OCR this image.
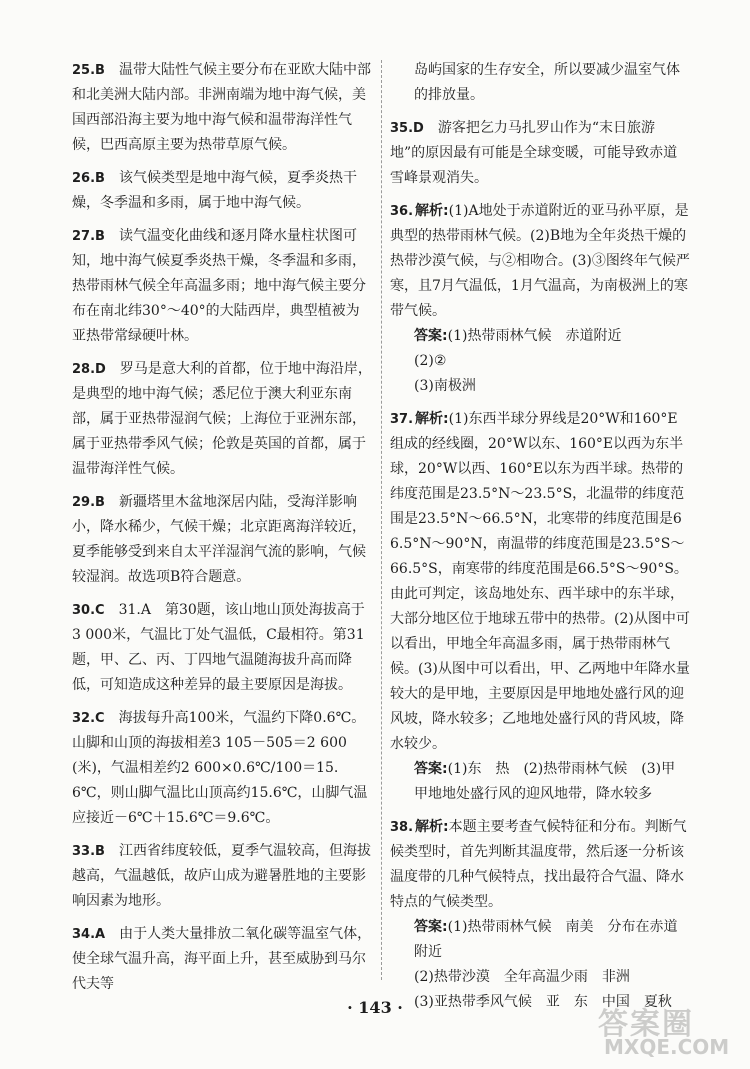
25.B 温带大陆性气候主要分布在亚欧大陆中部和北美洲大陆内部。非洲南端为地中海气候，美国西部沿海主要为地中海气候和温带海洋性气候，巴西高原主要为热带草原气候。
26.B 该气候类型是地中海气候，夏季炎热干燥，冬季温和多雨，属于地中海气候。
27.B 读气温变化曲线和逐月降水量柱状图可知，地中海气候夏季炎热干燥，冬季温和多雨，热带雨林气候全年高温多雨；地中海气候主要分布在南北纬30°～40°的大陆西岸，典型植被为亚热带常绿硬叶林。
28.D 罗马是意大利的首都，位于地中海沿岸，是典型的地中海气候；悉尼位于澳大利亚东南部，属于亚热带湿润气候；上海位于亚洲东部，属于亚热带季风气候；伦敦是英国的首都，属于温带海洋性气候。
29.B 新疆塔里木盆地深居内陆，受海洋影响小，降水稀少，气候干燥；北京距离海洋较近，夏季能够受到来自太平洋湿润气流的影响，气候较湿润。故选项B符合题意。
30.C 31.A　第30题，该山地山顶处海拔高于3 000米，气温比丁处气温低，C最相符。第31题，甲、乙、丙、丁四地气温随海拔升高而降低，可知造成这种差异的最主要原因是海拔。
32.C 海拔每升高100米，气温约下降0.6℃。山脚和山顶的海拔相差3 105－505＝2 600(米)，气温相差约2 600×0.6℃/100＝15.6℃，则山脚气温比山顶高约15.6℃，山脚气温应接近－6℃＋15.6℃＝9.6℃。
33.B 江西省纬度较低，夏季气温较高，但海拔越高，气温越低，故庐山成为避暑胜地的主要影响因素为地形。
34.A 由于人类大量排放二氧化碳等温室气体，使全球气温升高，海平面上升，甚至威胁到马尔代夫等
岛屿国家的生存安全，所以要减少温室气体的排放量。
35.D 游客把乞力马扎罗山作为“末日旅游地”的原因最有可能是全球变暖，可能导致赤道雪峰景观消失。
36. 解析:(1)A地处于赤道附近的亚马孙平原，是典型的热带雨林气候。(2)B地为全年炎热干燥的热带沙漠气候，与②相吻合。(3)③图终年气候严寒，且7月气温低，1月气温高，为南极洲上的寒带气候。
答案:(1)热带雨林气候　赤道附近
(2)②
(3)南极洲
37. 解析:(1)东西半球分界线是20°W和160°E组成的经线圈，20°W以东、160°E以西为东半球，20°W以西、160°E以东为西半球。热带的纬度范围是23.5°N～23.5°S，北温带的纬度范围是23.5°N～66.5°N，北寒带的纬度范围是66.5°N～90°N，南温带的纬度范围是23.5°S～66.5°S，南寒带的纬度范围是66.5°S～90°S。由此可判定，该岛地处东、西半球中的东半球，大部分地区位于地球五带中的热带。(2)从图中可以看出，甲地全年高温多雨，属于热带雨林气候。(3)从图中可以看出，甲、乙两地中年降水量较大的是甲地，主要原因是甲地地处盛行风的迎风坡，降水较多；乙地地处盛行风的背风坡，降水较少。
答案:(1)东　热　(2)热带雨林气候　(3)甲　甲地地处盛行风的迎风地带，降水较多
38. 解析:本题主要考查气候特征和分布。判断气候类型时，首先判断其温度带，然后逐一分析该温度带的几种气候特点，找出最符合气温、降水特点的气候类型。
答案:(1)热带雨林气候　南美　分布在赤道附近
(2)热带沙漠　全年高温少雨　非洲
(3)亚热带季风气候　亚　东　中国　夏秋
· 143 ·	答案圈
MXQE.COM
